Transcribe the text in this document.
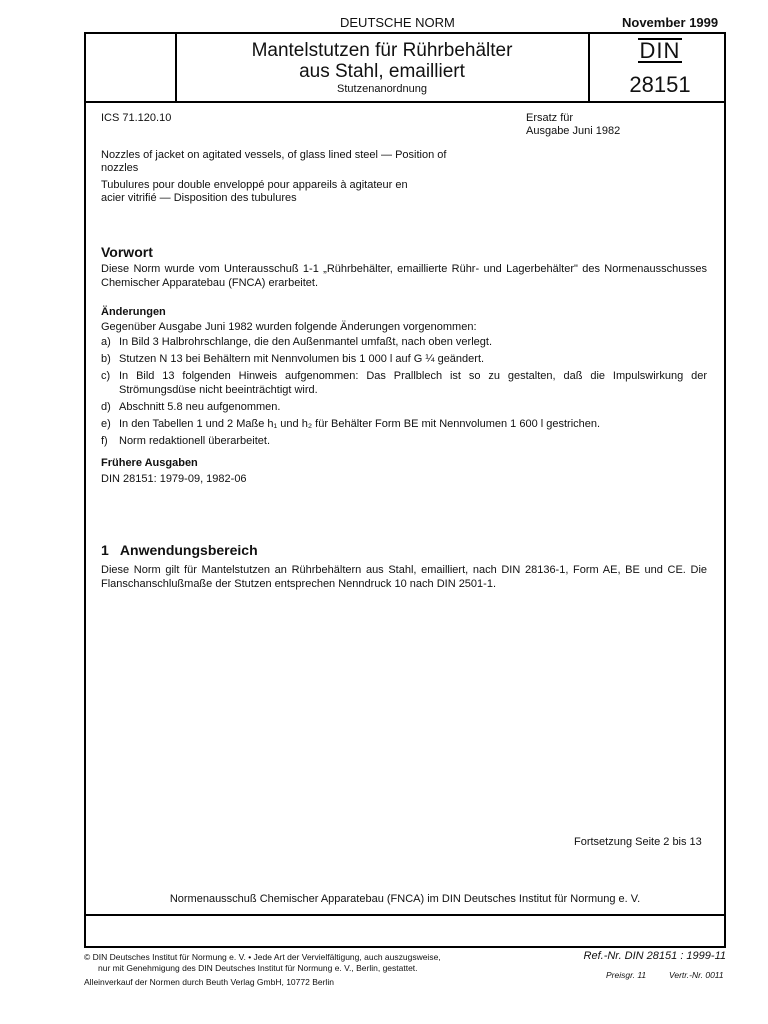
DEUTSCHE NORM	November 1999
Mantelstutzen für Rührbehälter
aus Stahl, emailliert
Stutzenanordnung
DIN
28151
ICS 71.120.10	Ersatz für
Ausgabe Juni 1982
Nozzles of jacket on agitated vessels, of glass lined steel — Position of nozzles
Tubulures pour double enveloppé pour appareils à agitateur en acier vitrifié — Disposition des tubulures
Vorwort
Diese Norm wurde vom Unterausschuß 1-1 „Rührbehälter, emaillierte Rühr- und Lagerbehälter" des Normenausschusses Chemischer Apparatebau (FNCA) erarbeitet.
Änderungen
Gegenüber Ausgabe Juni 1982 wurden folgende Änderungen vorgenommen:
a) In Bild 3 Halbrohrschlange, die den Außenmantel umfaßt, nach oben verlegt.
b) Stutzen N 13 bei Behältern mit Nennvolumen bis 1 000 l auf G ¼ geändert.
c) In Bild 13 folgenden Hinweis aufgenommen: Das Prallblech ist so zu gestalten, daß die Impulswirkung der Strömungsdüse nicht beeinträchtigt wird.
d) Abschnitt 5.8 neu aufgenommen.
e) In den Tabellen 1 und 2 Maße h₁ und h₂ für Behälter Form BE mit Nennvolumen 1 600 l gestrichen.
f)	Norm redaktionell überarbeitet.
Frühere Ausgaben
DIN 28151: 1979-09, 1982-06
1   Anwendungsbereich
Diese Norm gilt für Mantelstutzen an Rührbehältern aus Stahl, emailliert, nach DIN 28136-1, Form AE, BE und CE. Die Flanschanschlußmaße der Stutzen entsprechen Nenndruck 10 nach DIN 2501-1.
Fortsetzung Seite 2 bis 13
Normenausschuß Chemischer Apparatebau (FNCA) im DIN Deutsches Institut für Normung e. V.
© DIN Deutsches Institut für Normung e. V. • Jede Art der Vervielfältigung, auch auszugsweise,
nur mit Genehmigung des DIN Deutsches Institut für Normung e. V., Berlin, gestattet.
Alleinverkauf der Normen durch Beuth Verlag GmbH, 10772 Berlin
Ref.-Nr. DIN 28151 : 1999-11
Preisgr. 11	Vertr.-Nr. 0011
